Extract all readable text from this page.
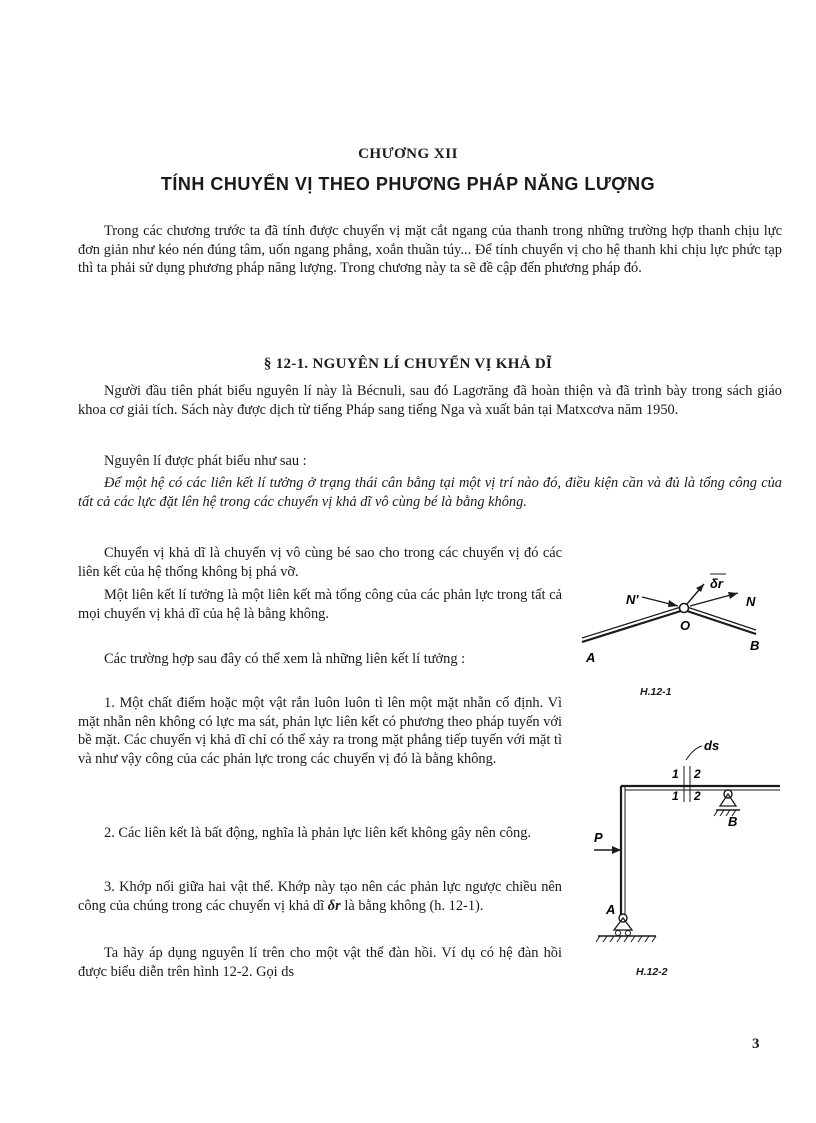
CHƯƠNG XII
TÍNH CHUYỂN VỊ THEO PHƯƠNG PHÁP NĂNG LƯỢNG
Trong các chương trước ta đã tính được chuyển vị mặt cắt ngang của thanh trong những trường hợp thanh chịu lực đơn giản như kéo nén đúng tâm, uốn ngang phẳng, xoắn thuần túy... Để tính chuyển vị cho hệ thanh khi chịu lực phức tạp thì ta phải sử dụng phương pháp năng lượng. Trong chương này ta sẽ đề cập đến phương pháp đó.
§ 12-1. NGUYÊN LÍ CHUYỂN VỊ KHẢ DĨ
Người đầu tiên phát biểu nguyên lí này là Bécnuli, sau đó Lagơrăng đã hoàn thiện và đã trình bày trong sách giáo khoa cơ giải tích. Sách này được dịch từ tiếng Pháp sang tiếng Nga và xuất bản tại Matxcơva năm 1950.
Nguyên lí được phát biểu như sau :
Để một hệ có các liên kết lí tưởng ở trạng thái cân bằng tại một vị trí nào đó, điều kiện cần và đủ là tổng công của tất cả các lực đặt lên hệ trong các chuyển vị khả dĩ vô cùng bé là bằng không.
Chuyển vị khả dĩ là chuyển vị vô cùng bé sao cho trong các chuyển vị đó các liên kết của hệ thống không bị phá vỡ.
Một liên kết lí tưởng là một liên kết mà tổng công của các phản lực trong tất cả mọi chuyển vị khả dĩ của hệ là bằng không.
Các trường hợp sau đây có thể xem là những liên kết lí tưởng :
1. Một chất điểm hoặc một vật rắn luôn luôn tì lên một mặt nhẵn cố định. Vì mặt nhẵn nên không có lực ma sát, phản lực liên kết có phương theo pháp tuyến với bề mặt. Các chuyển vị khả dĩ chỉ có thể xảy ra trong mặt phẳng tiếp tuyến với mặt tì và như vậy công của các phản lực trong các chuyển vị đó là bằng không.
2. Các liên kết là bất động, nghĩa là phản lực liên kết không gây nên công.
3. Khớp nối giữa hai vật thể. Khớp này tạo nên các phản lực ngược chiều nên công của chúng trong các chuyển vị khả dĩ δr là bằng không (h. 12-1).
Ta hãy áp dụng nguyên lí trên cho một vật thể đàn hồi. Ví dụ có hệ đàn hồi được biểu diễn trên hình 12-2. Gọi ds
δr
N'	N
O
A
B
H.12-1
ds
1 2
1 2
B
P
A
H.12-2
3
